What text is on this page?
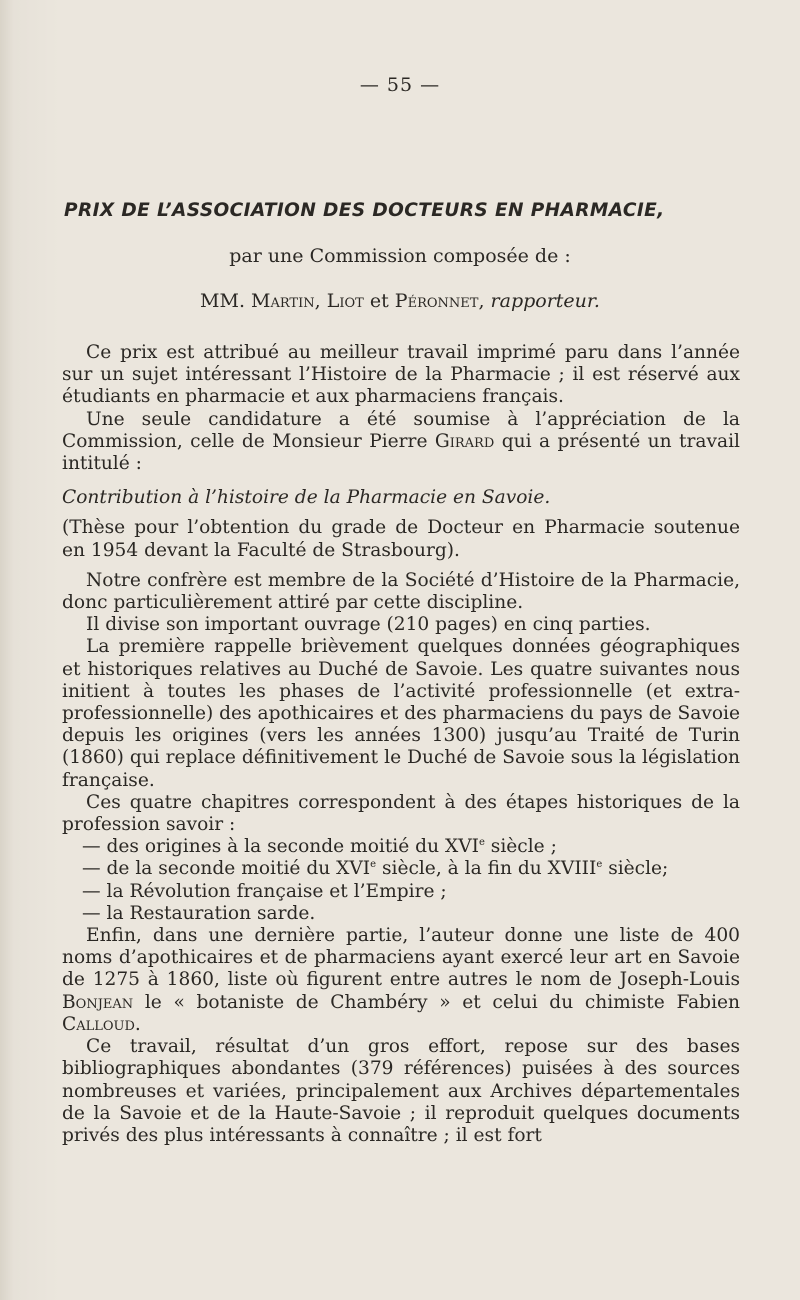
— 55 —
PRIX DE L’ASSOCIATION DES DOCTEURS EN PHARMACIE,
par une Commission composée de :
MM. Martin, Liot et Péronnet, rapporteur.

Ce prix est attribué au meilleur travail imprimé paru dans l’année sur un sujet intéressant l’Histoire de la Pharmacie ; il est réservé aux étudiants en pharmacie et aux pharmaciens français.

Une seule candidature a été soumise à l’appréciation de la Commission, celle de Monsieur Pierre Girard qui a présenté un travail intitulé :

Contribution à l’histoire de la Pharmacie en Savoie.

(Thèse pour l’obtention du grade de Docteur en Pharmacie soutenue en 1954 devant la Faculté de Strasbourg).

Notre confrère est membre de la Société d’Histoire de la Pharmacie, donc particulièrement attiré par cette discipline.

Il divise son important ouvrage (210 pages) en cinq parties.

La première rappelle brièvement quelques données géographiques et historiques relatives au Duché de Savoie. Les quatre suivantes nous initient à toutes les phases de l’activité professionnelle (et extra-professionnelle) des apothicaires et des pharmaciens du pays de Savoie depuis les origines (vers les années 1300) jusqu’au Traité de Turin (1860) qui replace définitivement le Duché de Savoie sous la législation française.

Ces quatre chapitres correspondent à des étapes historiques de la profession savoir :

— des origines à la seconde moitié du XVIe siècle ;

— de la seconde moitié du XVIe siècle, à la fin du XVIIIe siècle;

— la Révolution française et l’Empire ;

— la Restauration sarde.

Enfin, dans une dernière partie, l’auteur donne une liste de 400 noms d’apothicaires et de pharmaciens ayant exercé leur art en Savoie de 1275 à 1860, liste où figurent entre autres le nom de Joseph-Louis Bonjean le « botaniste de Chambéry » et celui du chimiste Fabien Calloud.

Ce travail, résultat d’un gros effort, repose sur des bases bibliographiques abondantes (379 références) puisées à des sources nombreuses et variées, principalement aux Archives départementales de la Savoie et de la Haute-Savoie ; il reproduit quelques documents privés des plus intéressants à connaître ; il est fort
